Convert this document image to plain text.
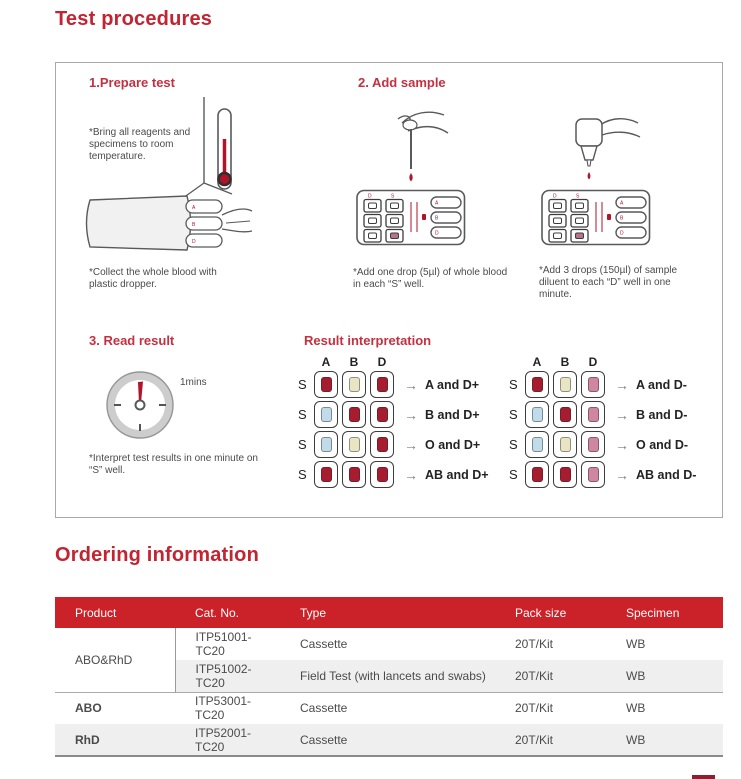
Test procedures
1.Prepare test
A
B
D
*Bring all reagents and specimens to room temperature.
*Collect the whole blood with plastic dropper.
2. Add sample
D	S
A
B
D
*Add one drop (5µl) of whole blood in each “S” well.
D	S
A
B
D
*Add 3 drops (150µl) of sample diluent to each “D” well in one minute.
3. Read result
1mins
*Interpret test results in one minute on “S” well.
Result interpretation
A	B	D
S	→ A and D+
S	→ B and D+
S	→ O and D+
S	→ AB and D+
A	B	D
S	→ A and D-
S	→ B and D-
S	→ O and D-
S	→ AB and D-
Ordering information
Product	Cat. No.	Type	Pack size	Specimen
ABO&RhD	ITP51001-TC20	Cassette	20T/Kit	WB
	ITP51002-TC20	Field Test (with lancets and swabs)	20T/Kit	WB
ABO	ITP53001-TC20	Cassette	20T/Kit	WB
RhD	ITP52001-TC20	Cassette	20T/Kit	WB
